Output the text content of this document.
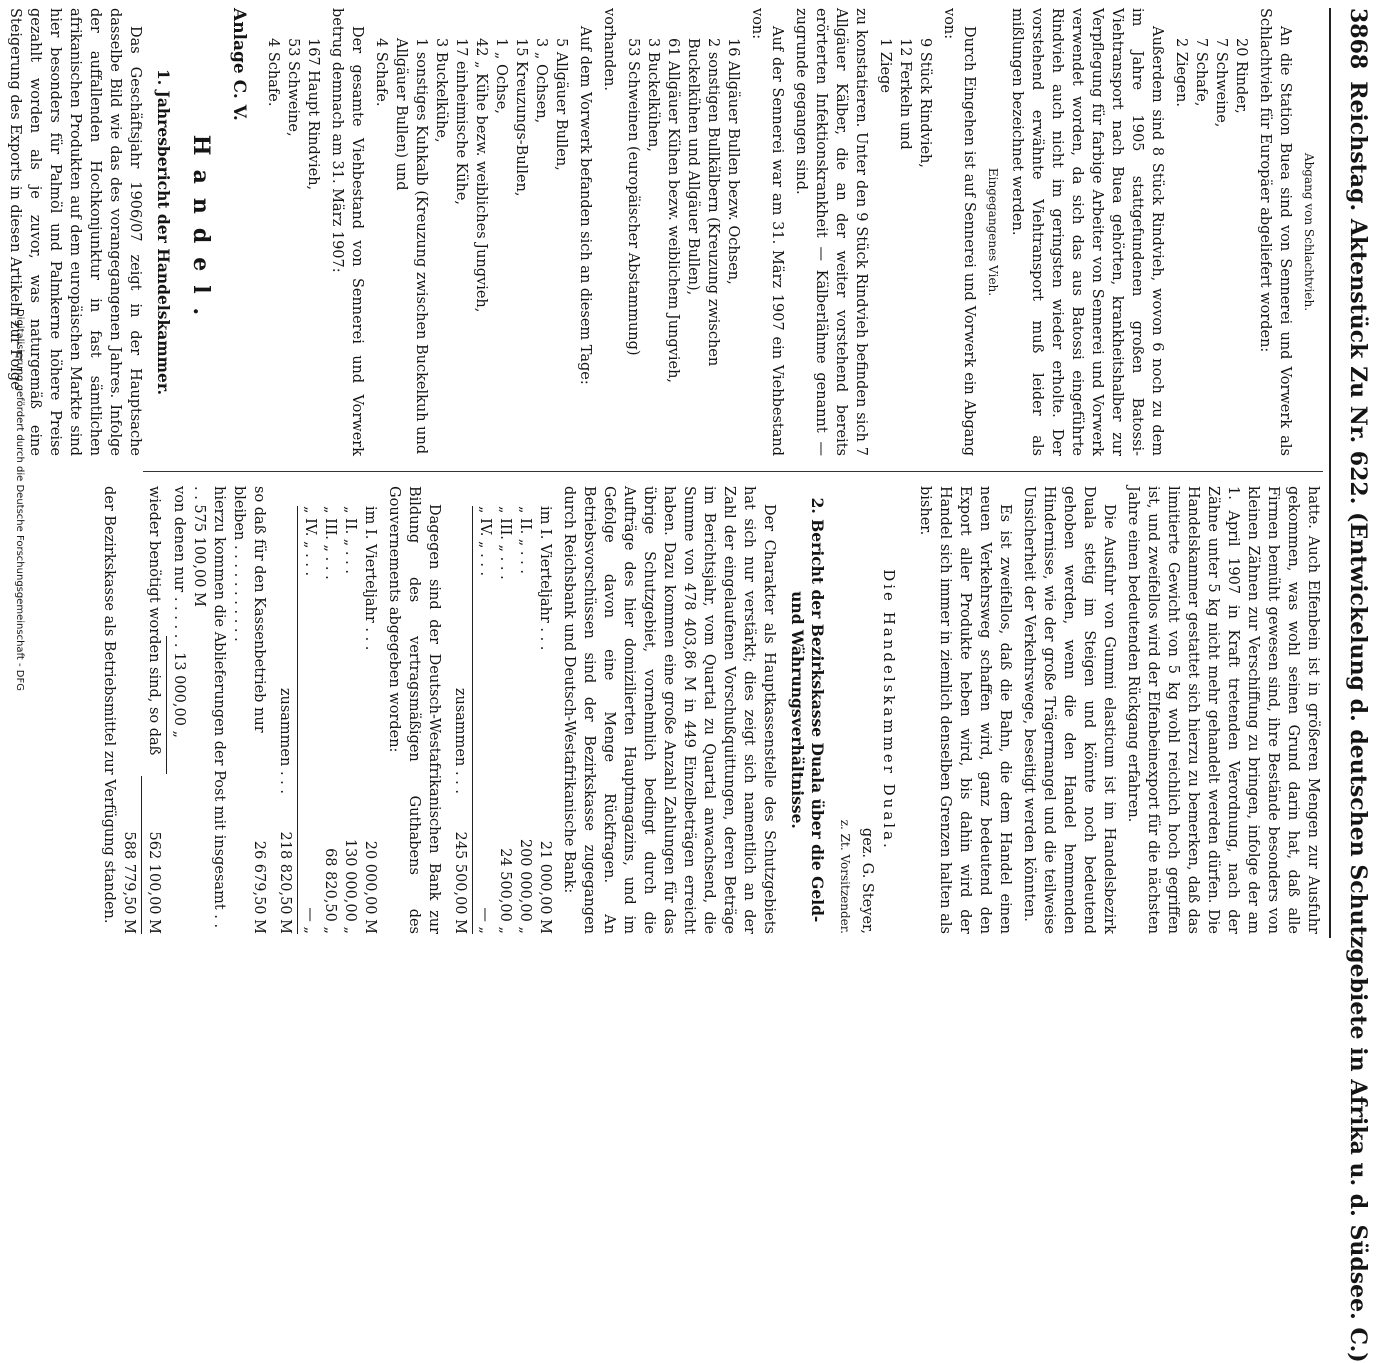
3868
Reichstag. Aktenstück Zu Nr. 622. (Entwickelung d. deutschen Schutzgebiete in Afrika u. d. Südsee. C.)
Abgang von Schlachtvieh.

An die Station Buea sind von Sennerei und Vorwerk als Schlachtvieh für Europäer abgeliefert worden:

20 Rinder,
7 Schweine,
7 Schafe,
2 Ziegen.

Außerdem sind 8 Stück Rindvieh, wovon 6 noch zu dem im Jahre 1905 stattgefundenen großen Batossi-Viehtransport nach Buea gehörten, krankheitshalber zur Verpflegung für farbige Arbeiter von Sennerei und Vorwerk verwendet worden, da sich das aus Batossi eingeführte Rindvieh auch nicht im geringsten wieder erholte. Der vorstehend erwähnte Viehtransport muß leider als mißlungen bezeichnet werden.

Eingegangenes Vieh.

Durch Eingehen ist auf Sennerei und Vorwerk ein Abgang von:

9 Stück Rindvieh,
12 Ferkeln und
1 Ziege

zu konstatieren. Unter den 9 Stück Rindvieh befinden sich 7 Allgäuer Kälber, die an der weiter vorstehend bereits erörterten Infektionskrankheit — Kälberlähme genannt — zugrunde gegangen sind.

Auf der Sennerei war am 31. März 1907 ein Viehbestand von:

16 Allgäuer Bullen bezw. Ochsen,
2 sonstigen Bullkälbern (Kreuzung zwischen Buckelkühen und Allgäuer Bullen),
61 Allgäuer Kühen bezw. weiblichem Jungvieh,
3 Buckelkühen,
53 Schweinen (europäischer Abstammung)

vorhanden.

Auf dem Vorwerk befanden sich an diesem Tage:

5 Allgäuer Bullen,
3 „ Ochsen,
15 Kreuzungs-Bullen,
1 „ Ochse,
42 „ Kühe bezw. weibliches Jungvieh,
17 einheimische Kühe,
3 Buckelkühe,
1 sonstiges Kuhkalb (Kreuzung zwischen Buckelkuh und Allgäuer Bullen) und
4 Schafe.

Der gesamte Viehbestand von Sennerei und Vorwerk betrug demnach am 31. März 1907:

167 Haupt Rindvieh,
53 Schweine,
4 Schafe.
Anlage C. V.
Handel.
1. Jahresbericht der Handelskammer.

Das Geschäftsjahr 1906/07 zeigt in der Hauptsache dasselbe Bild wie das des vorangegangenen Jahres. Infolge der auffallenden Hochkonjunktur in fast sämtlichen afrikanischen Produkten auf dem europäischen Markte sind hier besonders für Palmöl und Palmkerne höhere Preise gezahlt worden als je zuvor, was naturgemäß eine Steigerung des Exports in diesen Artikeln zur Folge

hatte. Auch Elfenbein ist in größeren Mengen zur Ausfuhr gekommen, was wohl seinen Grund darin hat, daß alle Firmen bemüht gewesen sind, ihre Bestände besonders von kleinen Zähnen zur Verschiffung zu bringen, infolge der am 1. April 1907 in Kraft tretenden Verordnung, nach der Zähne unter 5 kg nicht mehr gehandelt werden dürfen. Die Handelskammer gestattet sich hierzu zu bemerken, daß das limitierte Gewicht von 5 kg wohl reichlich hoch gegriffen ist, und zweifellos wird der Elfenbeinexport für die nächsten Jahre einen bedeutenden Rückgang erfahren.

Die Ausfuhr von Gummi elasticum ist im Handelsbezirk Duala stetig im Steigen und könnte noch bedeutend gehoben werden, wenn die den Handel hemmenden Hindernisse, wie der große Trägermangel und die teilweise Unsicherheit der Verkehrswege, beseitigt werden könnten.

Es ist zweifellos, daß die Bahn, die dem Handel einen neuen Verkehrsweg schaffen wird, ganz bedeutend den Export aller Produkte heben wird, bis dahin wird der Handel sich immer in ziemlich denselben Grenzen halten als bisher.

Die Handelskammer Duala.
gez. G. Steyer,
z. Zt. Vorsitzender.
2. Bericht der Bezirkskasse Duala über die Geld- und Währungsverhältnisse.

Der Charakter als Hauptkassenstelle des Schutzgebiets hat sich nur verstärkt; dies zeigt sich namentlich an der Zahl der eingelaufenen Vorschußquittungen, deren Beträge im Berichtsjahr, vom Quartal zu Quartal anwachsend, die Summe von 478 403,86 M in 449 Einzelbeträgen erreicht haben. Dazu kommen eine große Anzahl Zahlungen für das übrige Schutzgebiet, vornehmlich bedingt durch die Aufträge des hier domizilierten Hauptmagazins, und im Gefolge davon eine Menge Rückfragen. An Betriebsvorschüssen sind der Bezirkskasse zugegangen durch Reichsbank und Deutsch-Westafrikanische Bank:

im I. Vierteljahr . . .
21 000,00 M
„ II. „ . . .
200 000,00 „
„ III. „ . . .
24 500,00 „
„ IV. „ . . .
— „
zusammen . . .
245 500,00 M

Dagegen sind der Deutsch-Westafrikanischen Bank zur Bildung des vertragsmäßigen Guthabens des Gouvernements abgegeben worden:

im I. Vierteljahr . . .
20 000,00 M
„ II. „ . . .
130 000,00 „
„ III. „ . . .
68 820,50 „
„ IV. „ . . .
— „
zusammen . . .
218 820,50 M
so daß für den Kassenbetrieb nur bleiben . . . . . . . . . . .
26 679,50 M
hierzu kommen die Ablieferungen der Post mit insgesamt . . . . 575 100,00 M
von denen nur . . . . . . 13 000,00 „
wieder benötigt worden sind, so daß
562 100,00 M
588 779,50 M

der Bezirkskasse als Betriebsmittel zur Verfügung standen.

Digitalisierung gefördert durch die Deutsche Forschungsgemeinschaft - DFG
